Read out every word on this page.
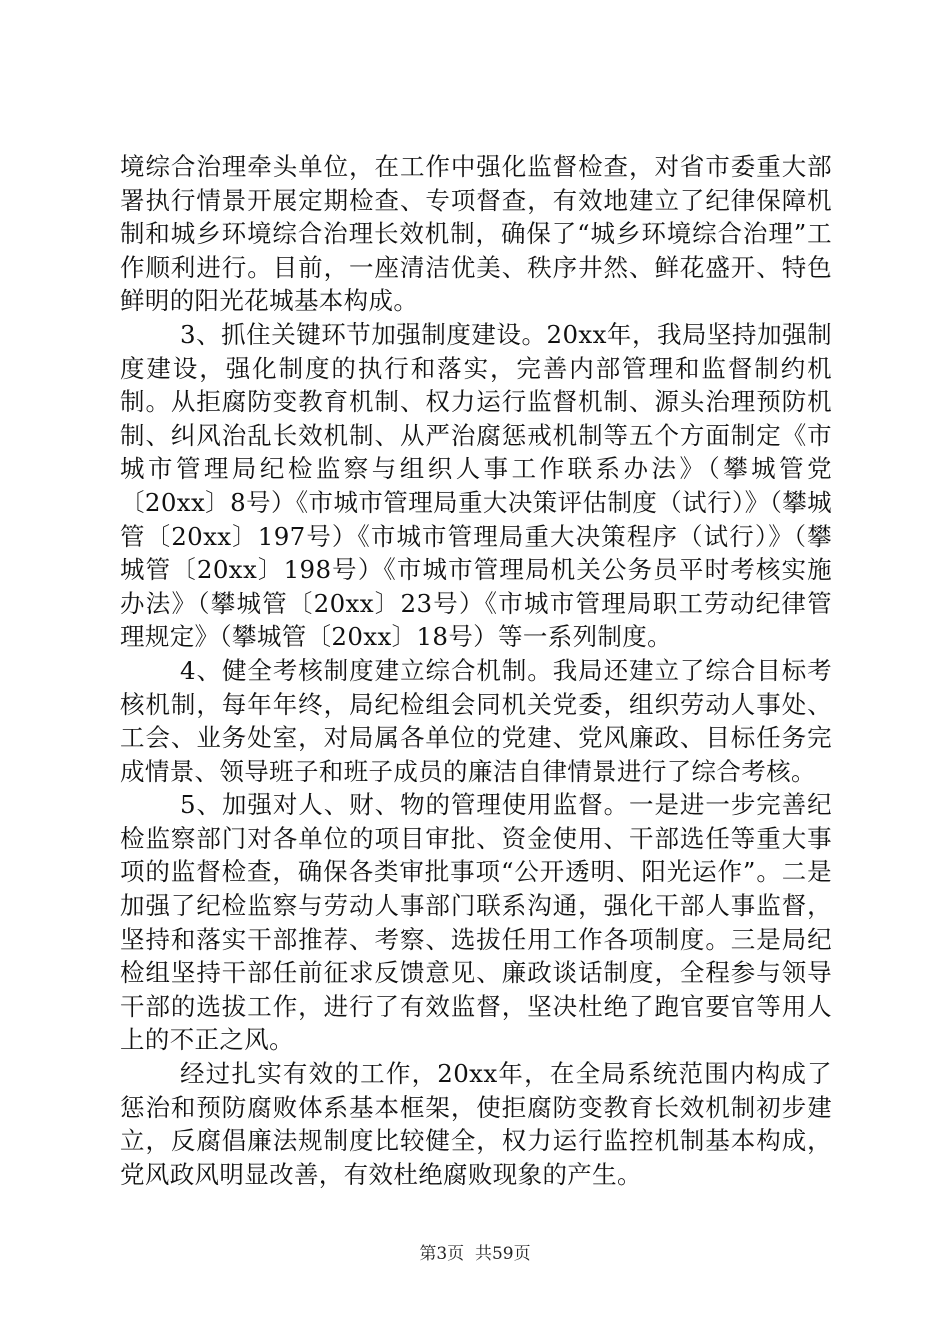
境综合治理牵头单位，在工作中强化监督检查，对省市委重大部署执行情景开展定期检查、专项督查，有效地建立了纪律保障机制和城乡环境综合治理长效机制，确保了“城乡环境综合治理”工作顺利进行。目前，一座清洁优美、秩序井然、鲜花盛开、特色鲜明的阳光花城基本构成。

3、抓住关键环节加强制度建设。20xx年，我局坚持加强制度建设，强化制度的执行和落实，完善内部管理和监督制约机制。从拒腐防变教育机制、权力运行监督机制、源头治理预防机制、纠风治乱长效机制、从严治腐惩戒机制等五个方面制定《市城市管理局纪检监察与组织人事工作联系办法》（攀城管党〔20xx〕8号）《市城市管理局重大决策评估制度（试行）》（攀城管〔20xx〕197号）《市城市管理局重大决策程序（试行）》（攀城管〔20xx〕198号）《市城市管理局机关公务员平时考核实施办法》（攀城管〔20xx〕23号）《市城市管理局职工劳动纪律管理规定》（攀城管〔20xx〕18号）等一系列制度。

4、健全考核制度建立综合机制。我局还建立了综合目标考核机制，每年年终，局纪检组会同机关党委，组织劳动人事处、工会、业务处室，对局属各单位的党建、党风廉政、目标任务完成情景、领导班子和班子成员的廉洁自律情景进行了综合考核。

5、加强对人、财、物的管理使用监督。一是进一步完善纪检监察部门对各单位的项目审批、资金使用、干部选任等重大事项的监督检查，确保各类审批事项“公开透明、阳光运作”。二是加强了纪检监察与劳动人事部门联系沟通，强化干部人事监督，坚持和落实干部推荐、考察、选拔任用工作各项制度。三是局纪检组坚持干部任前征求反馈意见、廉政谈话制度，全程参与领导干部的选拔工作，进行了有效监督，坚决杜绝了跑官要官等用人上的不正之风。

经过扎实有效的工作，20xx年，在全局系统范围内构成了惩治和预防腐败体系基本框架，使拒腐防变教育长效机制初步建立，反腐倡廉法规制度比较健全，权力运行监控机制基本构成，党风政风明显改善，有效杜绝腐败现象的产生。

第3页  共59页
